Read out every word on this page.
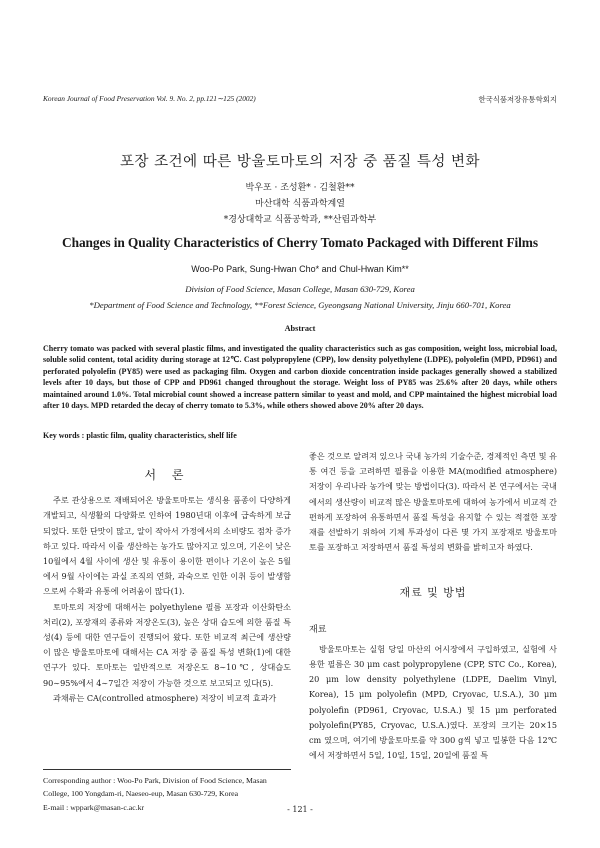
Korean Journal of Food Preservation Vol. 9. No. 2, pp.121∼125 (2002)	한국식품저장유통학회지
포장 조건에 따른 방울토마토의 저장 중 품질 특성 변화
박우포 · 조성환* · 김철환**
마산대학 식품과학계열
*경상대학교 식품공학과, **산림과학부
Changes in Quality Characteristics of Cherry Tomato Packaged with Different Films
Woo-Po Park, Sung-Hwan Cho* and Chul-Hwan Kim**
Division of Food Science, Masan College, Masan 630-729, Korea
*Department of Food Science and Technology, **Forest Science, Gyeongsang National University, Jinju 660-701, Korea
Abstract
Cherry tomato was packed with several plastic films, and investigated the quality characteristics such as gas composition, weight loss, microbial load, soluble solid content, total acidity during storage at 12℃. Cast polypropylene (CPP), low density polyethylene (LDPE), polyolefin (MPD, PD961) and perforated polyolefin (PY85) were used as packaging film. Oxygen and carbon dioxide concentration inside packages generally showed a stabilized levels after 10 days, but those of CPP and PD961 changed throughout the storage. Weight loss of PY85 was 25.6% after 20 days, while others maintained around 1.0%. Total microbial count showed a increase pattern similar to yeast and mold, and CPP maintained the highest microbial load after 10 days. MPD retarded the decay of cherry tomato to 5.3%, while others showed above 20% after 20 days.
Key words : plastic film, quality characteristics, shelf life
서 론

주로 관상용으로 재배되어온 방울토마토는 생식용 품종이 다양하게 개발되고, 식생활의 다양화로 인하여 1980년대 이후에 급속하게 보급되었다. 또한 단맛이 많고, 알이 작아서 가정에서의 소비량도 점차 증가하고 있다. 따라서 이를 생산하는 농가도 많아지고 있으며, 기온이 낮은 10월에서 4월 사이에 생산 및 유통이 용이한 편이나 기온이 높은 5월에서 9월 사이에는 과실 조직의 연화, 과숙으로 인한 이취 등이 발생함으로써 수확과 유통에 어려움이 많다(1).

토마토의 저장에 대해서는 polyethylene 필름 포장과 이산화탄소 처리(2), 포장재의 종류와 저장온도(3), 높은 상대 습도에 의한 품질 특성(4) 등에 대한 연구들이 진행되어 왔다. 또한 비교적 최근에 생산량이 많은 방울토마토에 대해서는 CA 저장 중 품질 특성 변화(1)에 대한 연구가 있다. 토마토는 일반적으로 저장온도 8∼10℃, 상대습도 90∼95%에서 4∼7일간 저장이 가능한 것으로 보고되고 있다(5).

과채류는 CA(controlled atmosphere) 저장이 비교적 효과가

좋은 것으로 알려져 있으나 국내 농가의 기술수준, 경제적인 측면 및 유통 여건 등을 고려하면 필름을 이용한 MA(modified atmosphere) 저장이 우리나라 농가에 맞는 방법이다(3). 따라서 본 연구에서는 국내에서의 생산량이 비교적 많은 방울토마토에 대하여 농가에서 비교적 간편하게 포장하여 유통하면서 품질 특성을 유지할 수 있는 적절한 포장재를 선발하기 위하여 기체 투과성이 다른 몇 가지 포장재로 방울토마토를 포장하고 저장하면서 품질 특성의 변화를 밝히고자 하였다.

재료 및 방법
재료

방울토마토는 실험 당일 마산의 어시장에서 구입하였고, 실험에 사용한 필름은 30 μm cast polypropylene (CPP, STC Co., Korea), 20 μm low density polyethylene (LDPE, Daelim Vinyl, Korea), 15 μm polyolefin (MPD, Cryovac, U.S.A.), 30 μm polyolefin (PD961, Cryovac, U.S.A.) 및 15 μm perforated polyolefin(PY85, Cryovac, U.S.A.)였다. 포장의 크기는 20×15 cm 였으며, 여기에 방울토마토를 약 300 g씩 넣고 밀봉한 다음 12℃에서 저장하면서 5일, 10일, 15일, 20일에 품질 특

Corresponding author : Woo-Po Park, Division of Food Science, Masan College, 100 Yongdam-ri, Naeseo-eup, Masan 630-729, Korea
E-mail : wppark@masan-c.ac.kr	- 121 -
